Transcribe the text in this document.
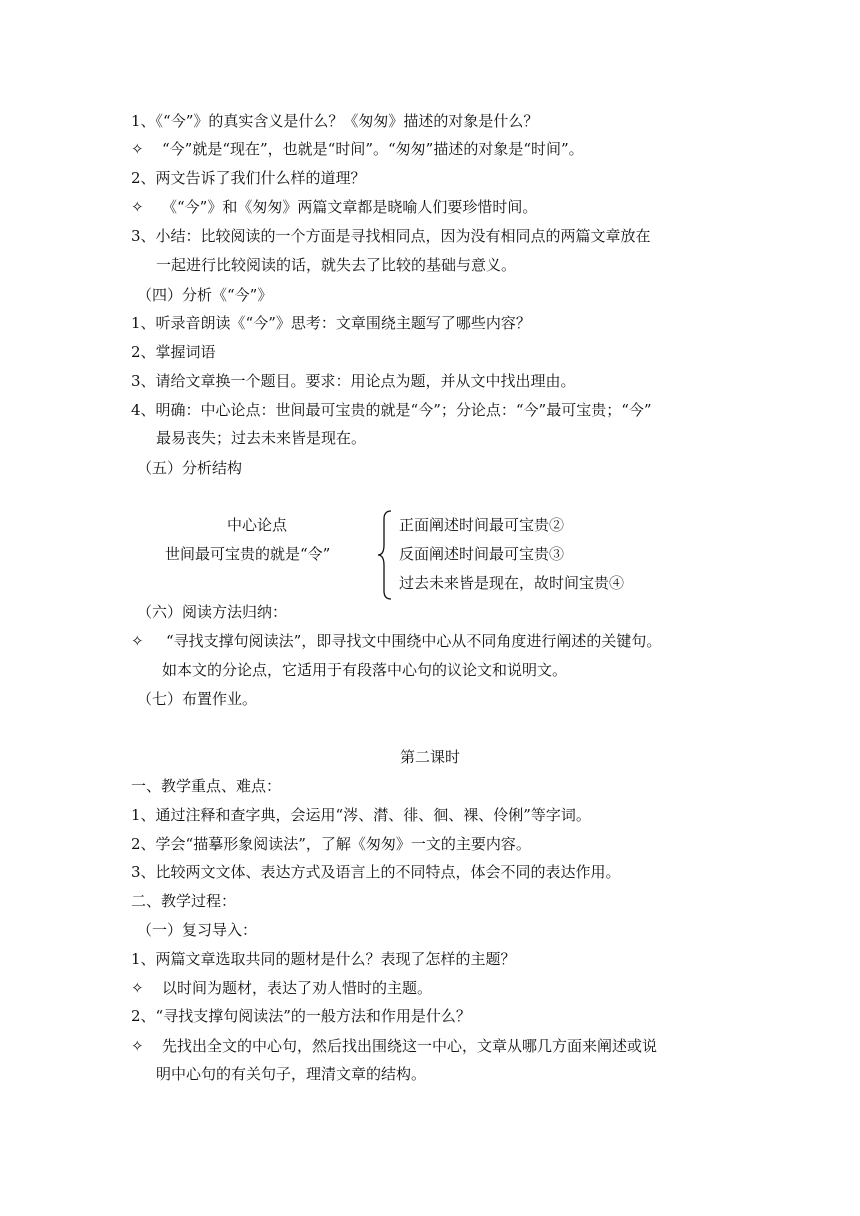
1、《“今”》的真实含义是什么？《匆匆》描述的对象是什么？
✧	“今”就是“现在”，也就是“时间”。“匆匆”描述的对象是“时间”。
2、两文告诉了我们什么样的道理？
✧	《“今”》和《匆匆》两篇文章都是晓喻人们要珍惜时间。
3、小结：比较阅读的一个方面是寻找相同点，因为没有相同点的两篇文章放在
一起进行比较阅读的话，就失去了比较的基础与意义。
（四）分析《“今”》
1、听录音朗读《“今”》思考：文章围绕主题写了哪些内容？
2、掌握词语
3、请给文章换一个题目。要求：用论点为题，并从文中找出理由。
4、明确：中心论点：世间最可宝贵的就是“今”；分论点：“今”最可宝贵；“今”
最易丧失；过去未来皆是现在。
（五）分析结构
中心论点
世间最可宝贵的就是“令”
正面阐述时间最可宝贵②
反面阐述时间最可宝贵③
过去未来皆是现在，故时间宝贵④
（六）阅读方法归纳：
✧	“寻找支撑句阅读法”，即寻找文中围绕中心从不同角度进行阐述的关键句。
如本文的分论点，它适用于有段落中心句的议论文和说明文。
（七）布置作业。
第二课时
一、教学重点、难点：
1、通过注释和查字典，会运用“涔、潸、徘、徊、裸、伶俐”等字词。
2、学会“描摹形象阅读法”，了解《匆匆》一文的主要内容。
3、比较两文文体、表达方式及语言上的不同特点，体会不同的表达作用。
二、教学过程：
（一）复习导入：
1、两篇文章选取共同的题材是什么？表现了怎样的主题？
✧	以时间为题材，表达了劝人惜时的主题。
2、“寻找支撑句阅读法”的一般方法和作用是什么？
✧	先找出全文的中心句，然后找出围绕这一中心，文章从哪几方面来阐述或说
明中心句的有关句子，理清文章的结构。
